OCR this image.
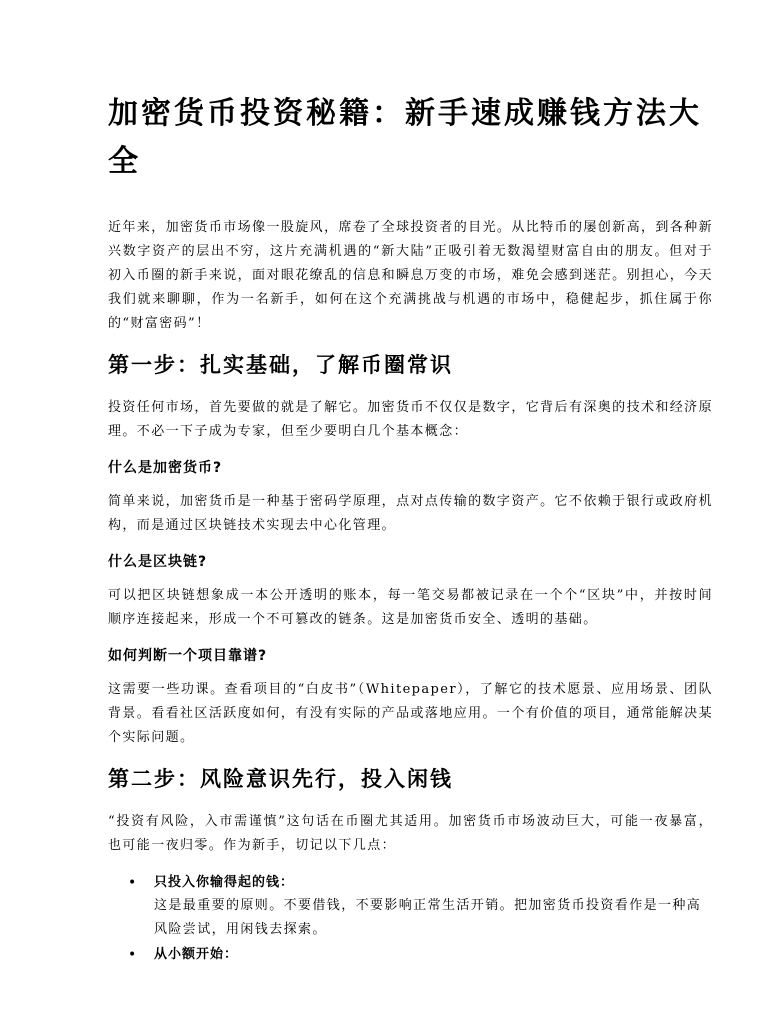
加密货币投资秘籍：新手速成赚钱方法大全

近年来，加密货币市场像一股旋风，席卷了全球投资者的目光。从比特币的屡创新高，到各种新兴数字资产的层出不穷，这片充满机遇的“新大陆”正吸引着无数渴望财富自由的朋友。但对于初入币圈的新手来说，面对眼花缭乱的信息和瞬息万变的市场，难免会感到迷茫。别担心，今天我们就来聊聊，作为一名新手，如何在这个充满挑战与机遇的市场中，稳健起步，抓住属于你的“财富密码”！

第一步：扎实基础，了解币圈常识

投资任何市场，首先要做的就是了解它。加密货币不仅仅是数字，它背后有深奥的技术和经济原理。不必一下子成为专家，但至少要明白几个基本概念：

什么是加密货币?

简单来说，加密货币是一种基于密码学原理，点对点传输的数字资产。它不依赖于银行或政府机构，而是通过区块链技术实现去中心化管理。

什么是区块链?

可以把区块链想象成一本公开透明的账本，每一笔交易都被记录在一个个“区块”中，并按时间顺序连接起来，形成一个不可篡改的链条。这是加密货币安全、透明的基础。

如何判断一个项目靠谱?

这需要一些功课。查看项目的“白皮书”（Whitepaper），了解它的技术愿景、应用场景、团队背景。看看社区活跃度如何，有没有实际的产品或落地应用。一个有价值的项目，通常能解决某个实际问题。

第二步：风险意识先行，投入闲钱

“投资有风险，入市需谨慎”这句话在币圈尤其适用。加密货币市场波动巨大，可能一夜暴富，也可能一夜归零。作为新手，切记以下几点：

• 只投入你输得起的钱：
这是最重要的原则。不要借钱，不要影响正常生活开销。把加密货币投资看作是一种高风险尝试，用闲钱去探索。
• 从小额开始：
